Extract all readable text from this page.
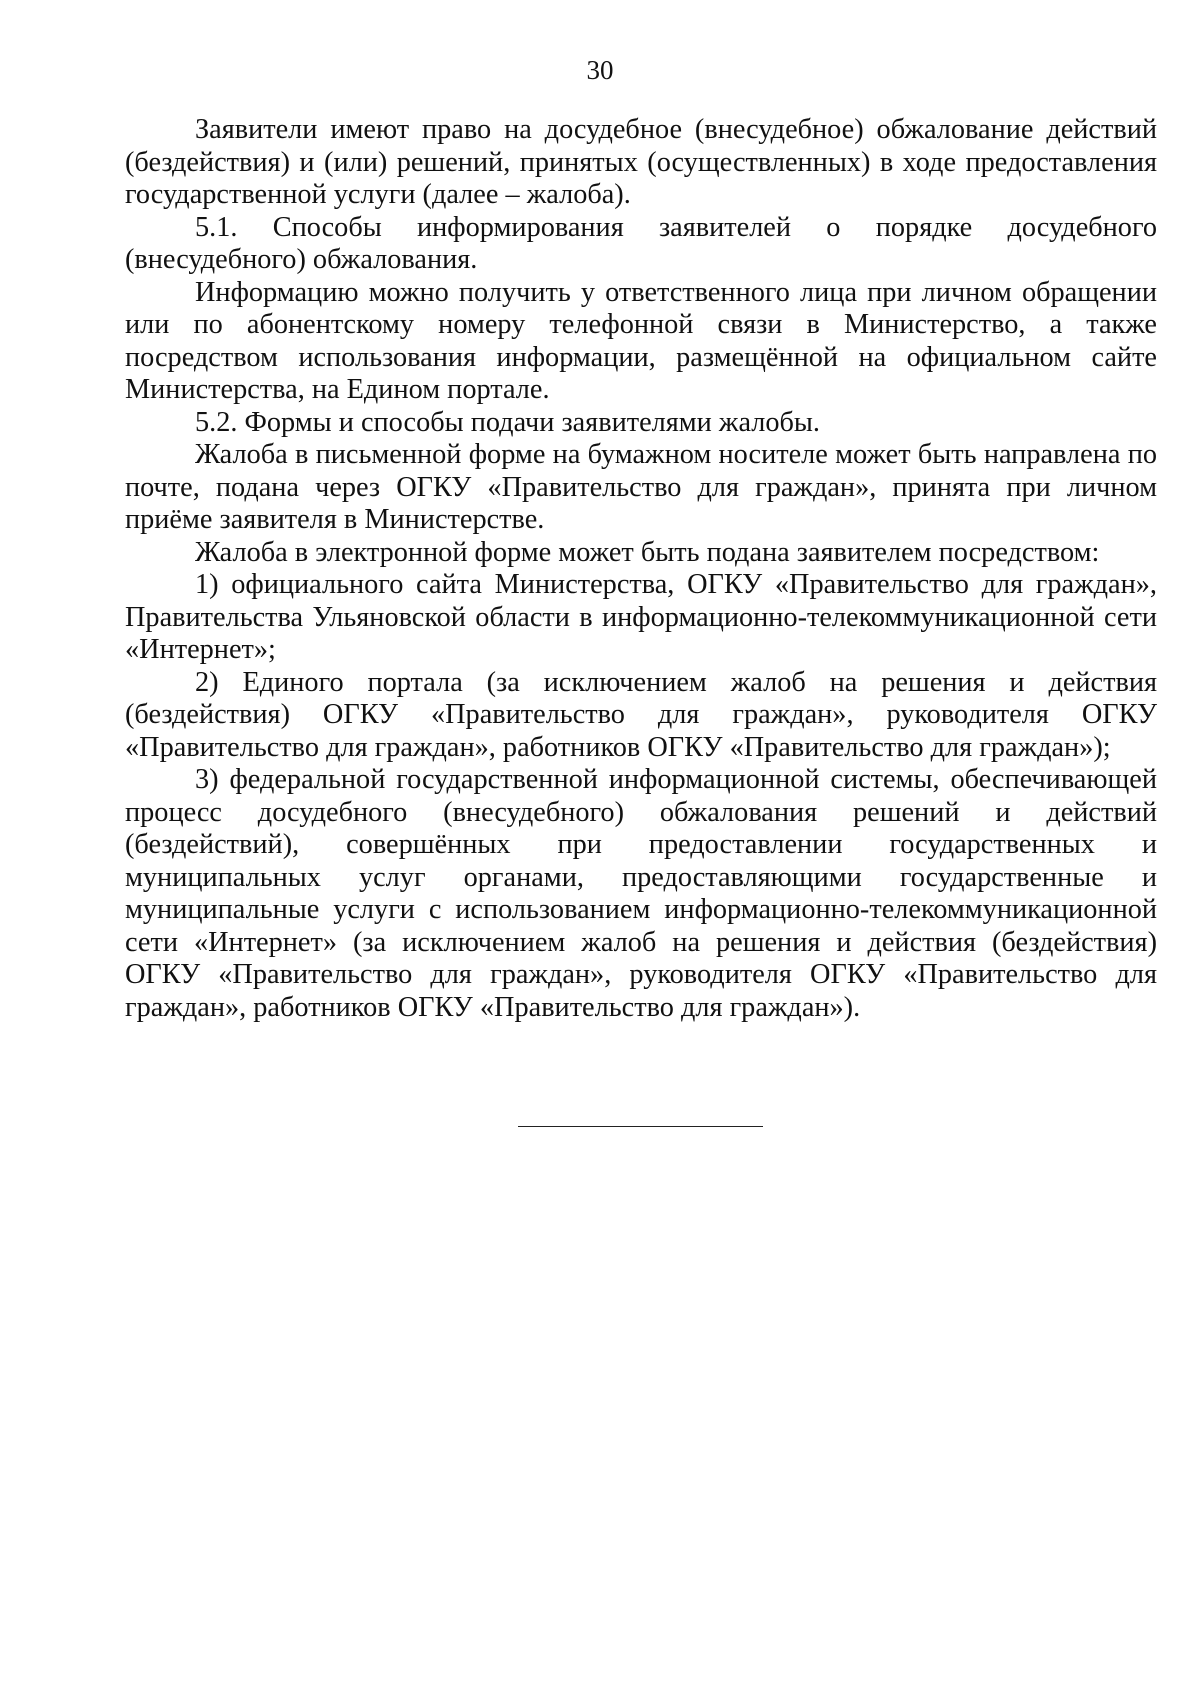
30

Заявители имеют право на досудебное (внесудебное) обжалование действий (бездействия) и (или) решений, принятых (осуществленных) в ходе предоставления государственной услуги (далее – жалоба).

5.1. Способы информирования заявителей о порядке досудебного (внесудебного) обжалования.

Информацию можно получить у ответственного лица при личном обращении или по абонентскому номеру телефонной связи в Министерство, а также посредством использования информации, размещённой на официальном сайте Министерства, на Едином портале.

5.2. Формы и способы подачи заявителями жалобы.

Жалоба в письменной форме на бумажном носителе может быть направлена по почте, подана через ОГКУ «Правительство для граждан», принята при личном приёме заявителя в Министерстве.

Жалоба в электронной форме может быть подана заявителем посредством:

1) официального сайта Министерства, ОГКУ «Правительство для граждан», Правительства Ульяновской области в информационно-телекоммуникационной сети «Интернет»;

2) Единого портала (за исключением жалоб на решения и действия (бездействия) ОГКУ «Правительство для граждан», руководителя ОГКУ «Правительство для граждан», работников ОГКУ «Правительство для граждан»);

3) федеральной государственной информационной системы, обеспечивающей процесс досудебного (внесудебного) обжалования решений и действий (бездействий), совершённых при предоставлении государственных и муниципальных услуг органами, предоставляющими государственные и муниципальные услуги с использованием информационно-телекоммуникационной сети «Интернет» (за исключением жалоб на решения и действия (бездействия) ОГКУ «Правительство для граждан», руководителя ОГКУ «Правительство для граждан», работников ОГКУ «Правительство для граждан»).
